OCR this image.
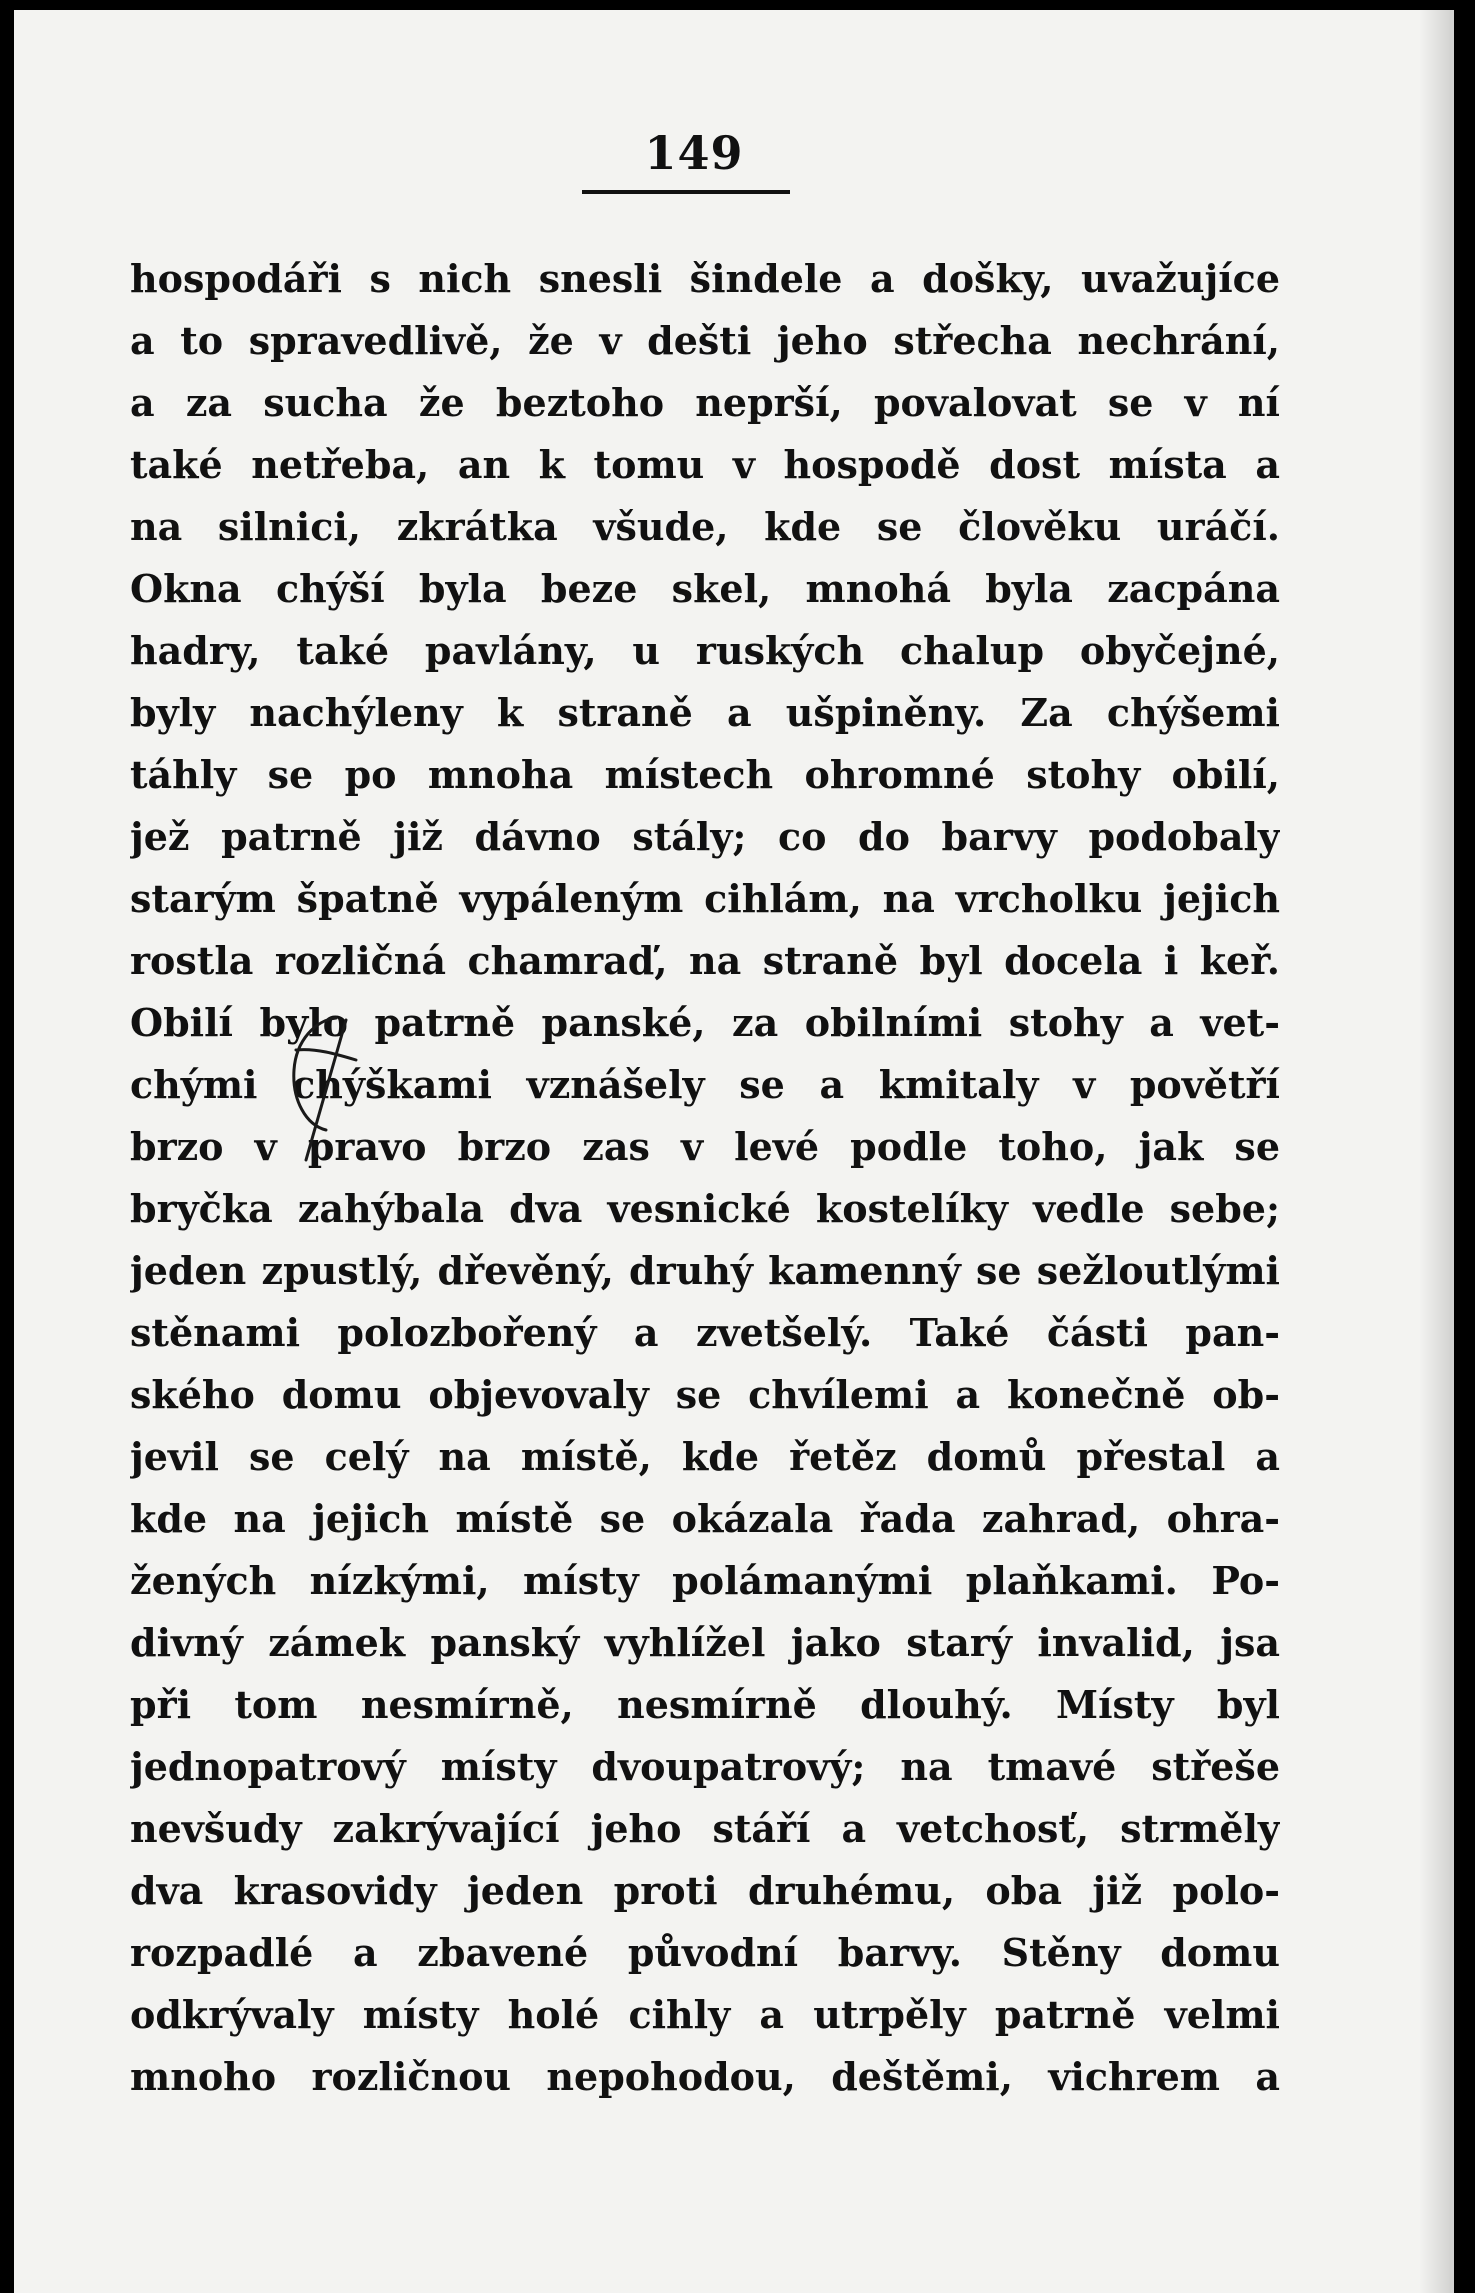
149
hospodáři s nich snesli šindele a došky, uvažujíce
a to spravedlivě, že v dešti jeho střecha nechrání,
a za sucha že beztoho neprší, povalovat se v ní
také netřeba, an k tomu v hospodě dost místa a
na silnici, zkrátka všude, kde se člověku uráčí.
Okna chýší byla beze skel, mnohá byla zacpána
hadry, také pavlány, u ruských chalup obyčejné,
byly nachýleny k straně a ušpiněny. Za chýšemi
táhly se po mnoha místech ohromné stohy obilí,
jež patrně již dávno stály; co do barvy podobaly
starým špatně vypáleným cihlám, na vrcholku jejich
rostla rozličná chamraď, na straně byl docela i keř.
Obilí bylo patrně panské, za obilními stohy a vet-
chými chýškami vznášely se a kmitaly v povětří
brzo v pravo brzo zas v levé podle toho, jak se
bryčka zahýbala dva vesnické kostelíky vedle sebe;
jeden zpustlý, dřevěný, druhý kamenný se sežloutlými
stěnami polozbořený a zvetšelý. Také části pan-
ského domu objevovaly se chvílemi a konečně ob-
jevil se celý na místě, kde řetěz domů přestal a
kde na jejich místě se okázala řada zahrad, ohra-
žených nízkými, místy polámanými plaňkami. Po-
divný zámek panský vyhlížel jako starý invalid, jsa
při tom nesmírně, nesmírně dlouhý. Místy byl
jednopatrový místy dvoupatrový; na tmavé střeše
nevšudy zakrývající jeho stáří a vetchosť, strměly
dva krasovidy jeden proti druhému, oba již polo-
rozpadlé a zbavené původní barvy. Stěny domu
odkrývaly místy holé cihly a utrpěly patrně velmi
mnoho rozličnou nepohodou, deštěmi, vichrem a
